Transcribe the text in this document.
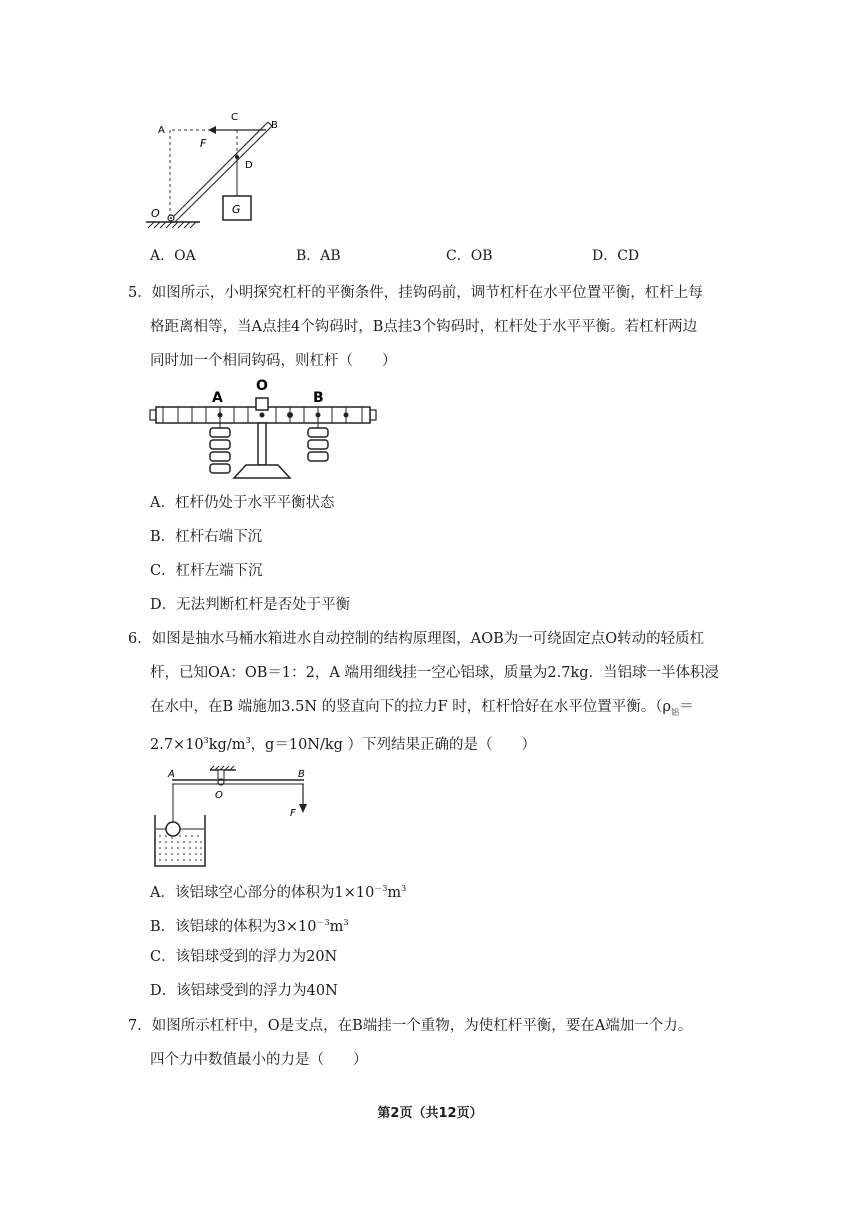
A
C
B
F
D
O	G
A．OA	B．AB	C．OB	D．CD
5．如图所示，小明探究杠杆的平衡条件，挂钩码前，调节杠杆在水平位置平衡，杠杆上每
格距离相等，当A点挂4个钩码时，B点挂3个钩码时，杠杆处于水平平衡。若杠杆两边
同时加一个相同钩码，则杠杆（　　）
A
O
B
A．杠杆仍处于水平平衡状态
B．杠杆右端下沉
C．杠杆左端下沉
D．无法判断杠杆是否处于平衡
6．如图是抽水马桶水箱进水自动控制的结构原理图，AOB为一可绕固定点O转动的轻质杠
杆，已知OA：OB＝1：2，A 端用细线挂一空心铝球，质量为2.7kg．当铝球一半体积浸
在水中，在B 端施加3.5N 的竖直向下的拉力F 时，杠杆恰好在水平位置平衡。（$\rho_铝=$
$2.7\times 10^3kg/m^3$，g＝10N/kg ）下列结果正确的是（　　）
A	B
O
F
A．该铝球空心部分的体积为$1\times 10^{-3}m^3$
B．该铝球的体积为$3\times 10^{-3}m^3$
C．该铝球受到的浮力为20N
D．该铝球受到的浮力为40N
7．如图所示杠杆中，O是支点，在B端挂一个重物，为使杠杆平衡，要在A端加一个力。
四个力中数值最小的力是（　　）
第2页（共12页）
